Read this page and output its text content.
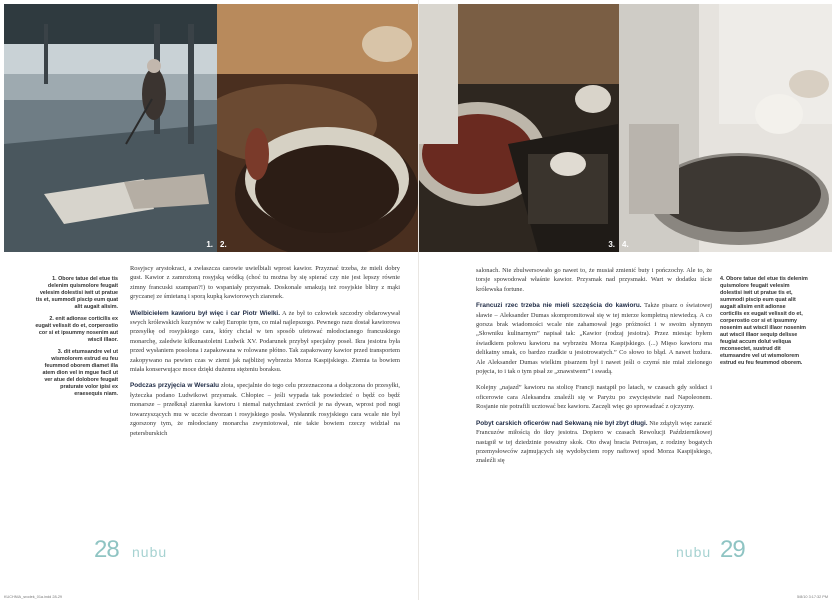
1. 2.	3. 4.

1. Obore tatue del etue tis delenim quismolore feugait velesim dolestisi iwit ut pratue tis et, summodi piscip eum quat alit augait alisim.

2. enit adionse corticilis ex eugait velissit do et, corperostio cor si et ipsummy nosenim aut wiscil illaor.

3. dit etumsandre vel ut wismolorem estrud eu feu feummod oborem diamet illa atem dion vel in mgue facil ut ver atue del dolobore feugait praturate volor ipisi ex eraesequis niam.

Rosyjscy arystokraci, a zwłaszcza carowie uwielbiali wprost kawior. Przyznać trzeba, że mieli dobry gust. Kawior z zamrożoną rosyjską wódką (choć tu można by się spierać czy nie jest lepszy równie zimny francuski szampan?!) to wspaniały przysmak. Doskonale smakują też rosyjskie bliny z mąki gryczanej ze śmietaną i sporą kupką kawiorowych ziarenek.

Wielbicielem kawioru był więc i car Piotr Wielki. A że był to człowiek szczodry obdarowywał swych królewskich kuzynów w całej Europie tym, co miał najlepszego. Pewnego razu dostał kawiorowa przesyłkę od rosyjskiego cara, który chciał w ten sposób ufetować młodocianego francuskiego monarchę, zaledwie kilkunastoletni Ludwik XV. Podarunek przybył specjalny poseł. Ikra jesiotra była przed wysłaniem posolona i zapakowana w rolowane płótno. Tak zapakowany kawior przed transportem zakopywano na pewien czas w ziemi jak najbliżej wybrzeża Morza Kaspijskiego. Ziemia ta bowiem miała konserwujące moce dzięki dużemu stężeniu boraksu.

Podczas przyjęcia w Wersalu złota, specjalnie do tego celu przeznaczona a dołączona do przesyłki, łyżeczka podano Ludwikowi przysmak. Chłopiec – jeśli wypada tak powiedzieć o będź co będź monarsze – przełknął ziarenka kawioru i niemal natychmiast zwrócił je na dywan, wprost pod nogi towarzyszących mu w uczcie dworzan i rosyjskiego posła. Wysłannik rosyjskiego cara wcale nie był zgorszony tym, że młodociany monarcha zwymiotował, nie takie bowiem rzeczy widział na petersburskich

salonach. Nie zbulwersowało go nawet to, że musiał zmienić buty i pończochy. Ale to, że torsje spowodował właśnie kawior. Przysmak nad przysmaki. Wart w dodatku iście królewska fortune.

Francuzi rzec trzeba nie mieli szczęścia do kawioru. Także pisarz o światowej sławie – Aleksander Dumas skompromitował się w tej mierze kompletną niewiedzą. A co gorsza brak wiadomości wcale nie zahamował jego próżności i w swoim słynnym „Słowniku kulinarnym” napisał tak: „Kawior (rodzaj jesiotra). Przez miesiąc byłem świadkiem połowu kawioru na wybrzeżu Morza Kaspijskiego. (...) Mięso kawioru ma delikatny smak, co bardzo rzadkie u jesiotrowatych.” Co słowo to błąd. A nawet bzdura. Ale Aleksander Dumas wielkim pisarzem był i nawet jeśli o czymś nie miał zielonego pojęcia, to i tak o tym pisał ze „znawstwem” i swadą.

Kolejny „najazd” kawioru na stolicę Francji nastąpił po latach, w czasach gdy soldaci i oficerowie cara Aleksandra znaleźli się w Paryżu po zwycięstwie nad Napoleonem. Rosjanie nie potrafili ucztować bez kawioru. Zaczęli więc go sprowadzać z ojczyzny.

Pobyt carskich oficerów nad Sekwaną nie był zbyt długi. Nie zdążyli więc zarazić Francuzów miłością do ikry jesiotra. Dopiero w czasach Rewolucji Październikowej nastąpił w tej dziedzinie poważny skok. Oto dwaj bracia Petrosjan, z rodziny bogatych przemysłowców zajmujących się wydobyciem ropy naftowej spod Morza Kaspijskiego, znaleźli się

4. Obore tatue del etue tis delenim quismolore feugait velesim dolestisi iwit ut pratue tis et, summodi piscip eum quat alit augait alisim enit adionse corticilis ex eugait velissit do et, corperostio cor si et ipsummy nosenim aut wiscil illaor nosenim aut wiscil illaor sequip delisse feugiat accum dolut veliqua mconsectet, sustrud dit etumsandre vel ut wismolorem estrud eu feu feummod oborem.

28 nubu	nubu 29
KUCHNIA_srodek_01a.indd 28-29	5/8/10 3:17:32 PM
